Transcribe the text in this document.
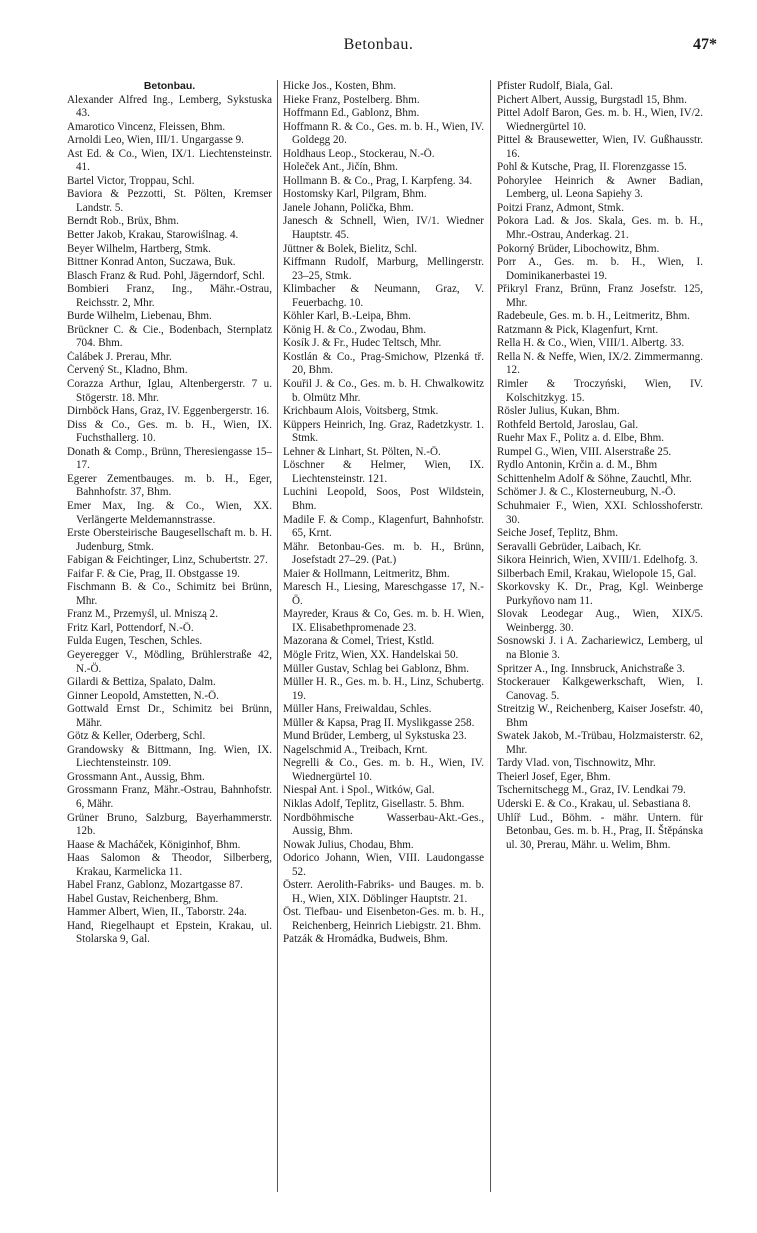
Betonbau.	47*
Betonbau.
Alexander Alfred Ing., Lemberg, Sykstuska 43.
Amarotico Vincenz, Fleissen, Bhm.
Arnoldi Leo, Wien, III/1. Ungargasse 9.
Ast Ed. & Co., Wien, IX/1. Liechtensteinstr. 41.
Bartel Victor, Troppau, Schl.
Baviora & Pezzotti, St. Pölten, Kremser Landstr. 5.
Berndt Rob., Brüx, Bhm.
Better Jakob, Krakau, Starowiślnag. 4.
Beyer Wilhelm, Hartberg, Stmk.
Bittner Konrad Anton, Suczawa, Buk.
Blasch Franz & Rud. Pohl, Jägerndorf, Schl.
Bombieri Franz, Ing., Mähr.-Ostrau, Reichsstr. 2, Mhr.
Burde Wilhelm, Liebenau, Bhm.
Brückner C. & Cie., Bodenbach, Sternplatz 704. Bhm.
Čalábek J. Prerau, Mhr.
Červený St., Kladno, Bhm.
Corazza Arthur, Iglau, Altenbergerstr. 7 u. Stögerstr. 18. Mhr.
Dirnböck Hans, Graz, IV. Eggenbergerstr. 16.
Diss & Co., Ges. m. b. H., Wien, IX. Fuchsthallerg. 10.
Donath & Comp., Brünn, Theresiengasse 15–17.
Egerer Zementbauges. m. b. H., Eger, Bahnhofstr. 37, Bhm.
Emer Max, Ing. & Co., Wien, XX. Verlängerte Meldemannstrasse.
Erste Obersteirische Baugesellschaft m. b. H. Judenburg, Stmk.
Fabigan & Feichtinger, Linz, Schubertstr. 27.
Faifar F. & Cie, Prag, II. Obstgasse 19.
Fischmann B. & Co., Schimitz bei Brünn, Mhr.
Franz M., Przemyśl, ul. Mniszą 2.
Fritz Karl, Pottendorf, N.-Ö.
Fulda Eugen, Teschen, Schles.
Geyeregger V., Mödling, Brühlerstraße 42, N.-Ö.
Gilardi & Bettiza, Spalato, Dalm.
Ginner Leopold, Amstetten, N.-Ö.
Gottwald Ernst Dr., Schimitz bei Brünn, Mähr.
Götz & Keller, Oderberg, Schl.
Grandowsky & Bittmann, Ing. Wien, IX. Liechtensteinstr. 109.
Grossmann Ant., Aussig, Bhm.
Grossmann Franz, Mähr.-Ostrau, Bahnhofstr. 6, Mähr.
Grüner Bruno, Salzburg, Bayerhammerstr. 12b.
Haase & Macháček, Königinhof, Bhm.
Haas Salomon & Theodor, Silberberg, Krakau, Karmelicka 11.
Habel Franz, Gablonz, Mozartgasse 87.
Habel Gustav, Reichenberg, Bhm.
Hammer Albert, Wien, II., Taborstr. 24a.
Hand, Riegelhaupt et Epstein, Krakau, ul. Stolarska 9, Gal.
Hicke Jos., Kosten, Bhm.
Hieke Franz, Postelberg. Bhm.
Hoffmann Ed., Gablonz, Bhm.
Hoffmann R. & Co., Ges. m. b. H., Wien, IV. Goldegg 20.
Holdhaus Leop., Stockerau, N.-Ö.
Holeček Ant., Jičín, Bhm.
Hollmann B. & Co., Prag, I. Karpfeng. 34.
Hostomsky Karl, Pilgram, Bhm.
Janele Johann, Polička, Bhm.
Janesch & Schnell, Wien, IV/1. Wiedner Hauptstr. 45.
Jüttner & Bolek, Bielitz, Schl.
Kiffmann Rudolf, Marburg, Mellingerstr. 23–25, Stmk.
Klimbacher & Neumann, Graz, V. Feuerbachg. 10.
Köhler Karl, B.-Leipa, Bhm.
König H. & Co., Zwodau, Bhm.
Kosík J. & Fr., Hudec Teltsch, Mhr.
Kostlán & Co., Prag-Smichow, Plzenká tř. 20, Bhm.
Kouřil J. & Co., Ges. m. b. H. Chwalkowitz b. Olmütz Mhr.
Krichbaum Alois, Voitsberg, Stmk.
Küppers Heinrich, Ing. Graz, Radetzkystr. 1. Stmk.
Lehner & Linhart, St. Pölten, N.-Ö.
Löschner & Helmer, Wien, IX. Liechtensteinstr. 121.
Luchini Leopold, Soos, Post Wildstein, Bhm.
Madile F. & Comp., Klagenfurt, Bahnhofstr. 65, Krnt.
Mähr. Betonbau-Ges. m. b. H., Brünn, Josefstadt 27–29. (Pat.)
Maier & Hollmann, Leitmeritz, Bhm.
Maresch H., Liesing, Mareschgasse 17, N.-Ö.
Mayreder, Kraus & Co, Ges. m. b. H. Wien, IX. Elisabethpromenade 23.
Mazorana & Comel, Triest, Kstld.
Mögle Fritz, Wien, XX. Handelskai 50.
Müller Gustav, Schlag bei Gablonz, Bhm.
Müller H. R., Ges. m. b. H., Linz, Schubertg. 19.
Müller Hans, Freiwaldau, Schles.
Müller & Kapsa, Prag II. Myslikgasse 258.
Mund Brüder, Lemberg, ul Sykstuska 23.
Nagelschmid A., Treibach, Krnt.
Negrelli & Co., Ges. m. b. H., Wien, IV. Wiednergürtel 10.
Niespał Ant. i Spol., Witków, Gal.
Niklas Adolf, Teplitz, Gisellastr. 5. Bhm.
Nordböhmische Wasserbau-Akt.-Ges., Aussig, Bhm.
Nowak Julius, Chodau, Bhm.
Odorico Johann, Wien, VIII. Laudongasse 52.
Österr. Aerolith-Fabriks- und Bauges. m. b. H., Wien, XIX. Döblinger Hauptstr. 21.
Öst. Tiefbau- und Eisenbeton-Ges. m. b. H., Reichenberg, Heinrich Liebigstr. 21. Bhm.
Patzák & Hromádka, Budweis, Bhm.
Pfister Rudolf, Biala, Gal.
Pichert Albert, Aussig, Burgstadl 15, Bhm.
Pittel Adolf Baron, Ges. m. b. H., Wien, IV/2. Wiednergürtel 10.
Pittel & Brausewetter, Wien, IV. Gußhausstr. 16.
Pohl & Kutsche, Prag, II. Florenzgasse 15.
Pohorylee Heinrich & Awner Badian, Lemberg, ul. Leona Sapiehy 3.
Poitzi Franz, Admont, Stmk.
Pokora Lad. & Jos. Skala, Ges. m. b. H., Mhr.-Ostrau, Anderkag. 21.
Pokorný Brüder, Libochowitz, Bhm.
Porr A., Ges. m. b. H., Wien, I. Dominikanerbastei 19.
Přikryl Franz, Brünn, Franz Josefstr. 125, Mhr.
Radebeule, Ges. m. b. H., Leitmeritz, Bhm.
Ratzmann & Pick, Klagenfurt, Krnt.
Rella H. & Co., Wien, VIII/1. Albertg. 33.
Rella N. & Neffe, Wien, IX/2. Zimmermanng. 12.
Rimler & Troczyński, Wien, IV. Kolschitzkyg. 15.
Rösler Julius, Kukan, Bhm.
Rothfeld Bertold, Jaroslau, Gal.
Ruehr Max F., Politz a. d. Elbe, Bhm.
Rumpel G., Wien, VIII. Alserstraße 25.
Rydlo Antonin, Krčin a. d. M., Bhm
Schittenhelm Adolf & Söhne, Zauchtl, Mhr.
Schömer J. & C., Klosterneuburg, N.-Ö.
Schuhmaier F., Wien, XXI. Schlosshoferstr. 30.
Seiche Josef, Teplitz, Bhm.
Seravalli Gebrüder, Laibach, Kr.
Sikora Heinrich, Wien, XVIII/1. Edelhofg. 3.
Silberbach Emil, Krakau, Wielopole 15, Gal.
Skorkovsky K. Dr., Prag, Kgl. Weinberge Purkyňovo nam 11.
Slovak Leodegar Aug., Wien, XIX/5. Weinbergg. 30.
Sosnowski J. i A. Zachariewicz, Lemberg, ul na Blonie 3.
Spritzer A., Ing. Innsbruck, Anichstraße 3.
Stockerauer Kalkgewerkschaft, Wien, I. Canovag. 5.
Streitzig W., Reichenberg, Kaiser Josefstr. 40, Bhm
Swatek Jakob, M.-Trübau, Holzmaisterstr. 62, Mhr.
Tardy Vlad. von, Tischnowitz, Mhr.
Theierl Josef, Eger, Bhm.
Tschernitschegg M., Graz, IV. Lendkai 79.
Uderski E. & Co., Krakau, ul. Sebastiana 8.
Uhlíř Lud., Böhm. - mähr. Untern. für Betonbau, Ges. m. b. H., Prag, II. Štěpánska ul. 30, Prerau, Mähr. u. Welim, Bhm.
